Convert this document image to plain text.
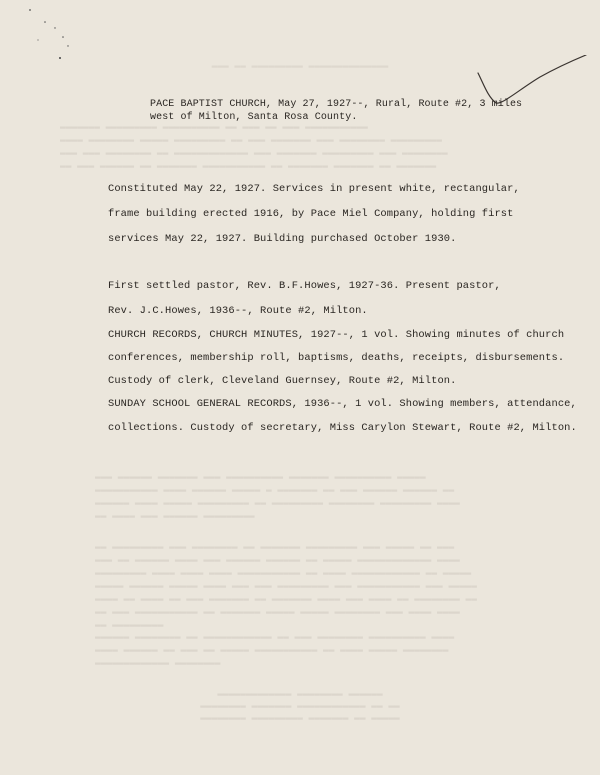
▬▬▬ ▬▬ ▬▬▬▬▬▬▬▬▬ ▬▬▬▬▬▬▬▬▬▬▬▬▬▬
▬▬▬▬▬▬▬ ▬▬▬▬▬▬▬▬▬ ▬▬▬▬▬▬▬▬▬▬ ▬▬ ▬▬▬ ▬▬ ▬▬▬ ▬▬▬▬▬▬▬▬▬▬▬
▬▬▬▬ ▬▬▬▬▬▬▬▬ ▬▬▬▬▬ ▬▬▬▬▬▬▬▬▬ ▬▬ ▬▬▬ ▬▬▬▬▬▬▬ ▬▬▬ ▬▬▬▬▬▬▬▬ ▬▬▬▬▬▬▬▬▬
▬▬▬ ▬▬▬ ▬▬▬▬▬▬▬▬ ▬▬ ▬▬▬▬▬▬▬▬▬▬▬▬▬ ▬▬▬ ▬▬▬▬▬▬▬ ▬▬▬▬▬▬▬▬▬ ▬▬▬ ▬▬▬▬▬▬▬▬
▬▬ ▬▬▬ ▬▬▬▬▬▬ ▬▬ ▬▬▬▬▬▬▬ ▬▬▬▬▬▬▬▬▬▬▬ ▬▬ ▬▬▬▬▬▬▬ ▬▬▬▬▬▬▬ ▬▬ ▬▬▬▬▬▬▬
▬▬▬ ▬▬▬▬▬▬ ▬▬▬▬▬▬▬ ▬▬▬ ▬▬▬▬▬▬▬▬▬▬ ▬▬▬▬▬▬▬ ▬▬▬▬▬▬▬▬▬▬ ▬▬▬▬▬
▬▬▬▬▬▬▬▬▬▬▬ ▬▬▬▬ ▬▬▬▬▬▬ ▬▬▬▬▬ ▬ ▬▬▬▬▬▬▬ ▬▬ ▬▬▬ ▬▬▬▬▬▬ ▬▬▬▬▬▬ ▬▬
▬▬▬▬▬▬ ▬▬▬▬ ▬▬▬▬▬ ▬▬▬▬▬▬▬▬▬ ▬▬ ▬▬▬▬▬▬▬▬▬ ▬▬▬▬▬▬▬▬ ▬▬▬▬▬▬▬▬▬ ▬▬▬▬
▬▬ ▬▬▬▬ ▬▬▬ ▬▬▬▬▬▬ ▬▬▬▬▬▬▬▬▬
▬▬ ▬▬▬▬▬▬▬▬▬ ▬▬▬ ▬▬▬▬▬▬▬▬ ▬▬ ▬▬▬▬▬▬▬ ▬▬▬▬▬▬▬▬▬ ▬▬▬ ▬▬▬▬▬ ▬▬ ▬▬▬
▬▬▬ ▬▬ ▬▬▬▬▬▬ ▬▬▬▬ ▬▬▬ ▬▬▬▬▬▬ ▬▬▬▬▬▬ ▬▬ ▬▬▬▬▬ ▬▬▬▬▬▬▬▬▬▬▬▬▬ ▬▬▬▬
▬▬▬▬▬▬▬▬▬ ▬▬▬▬ ▬▬▬▬ ▬▬▬▬ ▬▬▬▬▬▬▬▬▬▬▬ ▬▬ ▬▬▬▬ ▬▬▬▬▬▬▬▬▬▬▬▬ ▬▬ ▬▬▬▬▬
▬▬▬▬▬ ▬▬▬▬▬▬ ▬▬▬▬▬ ▬▬▬▬ ▬▬▬ ▬▬▬ ▬▬▬▬▬▬▬▬▬ ▬▬▬ ▬▬▬▬▬▬▬▬▬▬▬ ▬▬▬ ▬▬▬▬▬
▬▬▬▬ ▬▬ ▬▬▬▬ ▬▬ ▬▬▬ ▬▬▬▬▬▬▬ ▬▬ ▬▬▬▬▬▬▬ ▬▬▬▬ ▬▬▬ ▬▬▬▬ ▬▬ ▬▬▬▬▬▬▬▬ ▬▬
▬▬ ▬▬▬ ▬▬▬▬▬▬▬▬▬▬▬ ▬▬ ▬▬▬▬▬▬▬ ▬▬▬▬▬ ▬▬▬▬▬ ▬▬▬▬▬▬▬▬ ▬▬▬ ▬▬▬▬ ▬▬▬▬
▬▬ ▬▬▬▬▬▬▬▬▬
▬▬▬▬▬▬ ▬▬▬▬▬▬▬▬ ▬▬ ▬▬▬▬▬▬▬▬▬▬▬▬ ▬▬ ▬▬▬ ▬▬▬▬▬▬▬▬ ▬▬▬▬▬▬▬▬▬▬ ▬▬▬▬
▬▬▬▬ ▬▬▬▬▬▬ ▬▬ ▬▬▬ ▬▬ ▬▬▬▬▬ ▬▬▬▬▬▬▬▬▬▬▬ ▬▬ ▬▬▬▬ ▬▬▬▬▬ ▬▬▬▬▬▬▬▬
▬▬▬▬▬▬▬▬▬▬▬▬▬ ▬▬▬▬▬▬▬▬
▬▬▬▬▬▬▬▬▬▬▬▬▬ ▬▬▬▬▬▬▬▬ ▬▬▬▬▬▬
▬▬▬▬▬▬▬▬ ▬▬▬▬▬▬▬ ▬▬▬▬▬▬▬▬▬▬▬▬ ▬▬ ▬▬
▬▬▬▬▬▬▬▬ ▬▬▬▬▬▬▬▬▬ ▬▬▬▬▬▬▬ ▬▬ ▬▬▬▬▬
PACE BAPTIST CHURCH, May 27, 1927--, Rural, Route #2, 3 miles
west of Milton, Santa Rosa County.
Constituted May 22, 1927. Services in present white, rectangular,
frame building erected 1916, by Pace Miel Company, holding first
services May 22, 1927. Building purchased October 1930.
First settled pastor, Rev. B.F.Howes, 1927-36. Present pastor,
Rev. J.C.Howes, 1936--, Route #2, Milton.
CHURCH RECORDS, CHURCH MINUTES, 1927--, 1 vol. Showing minutes of church
conferences, membership roll, baptisms, deaths, receipts, disbursements.
Custody of clerk, Cleveland Guernsey, Route #2, Milton.
SUNDAY SCHOOL GENERAL RECORDS, 1936--, 1 vol. Showing members, attendance,
collections. Custody of secretary, Miss Carylon Stewart, Route #2, Milton.
